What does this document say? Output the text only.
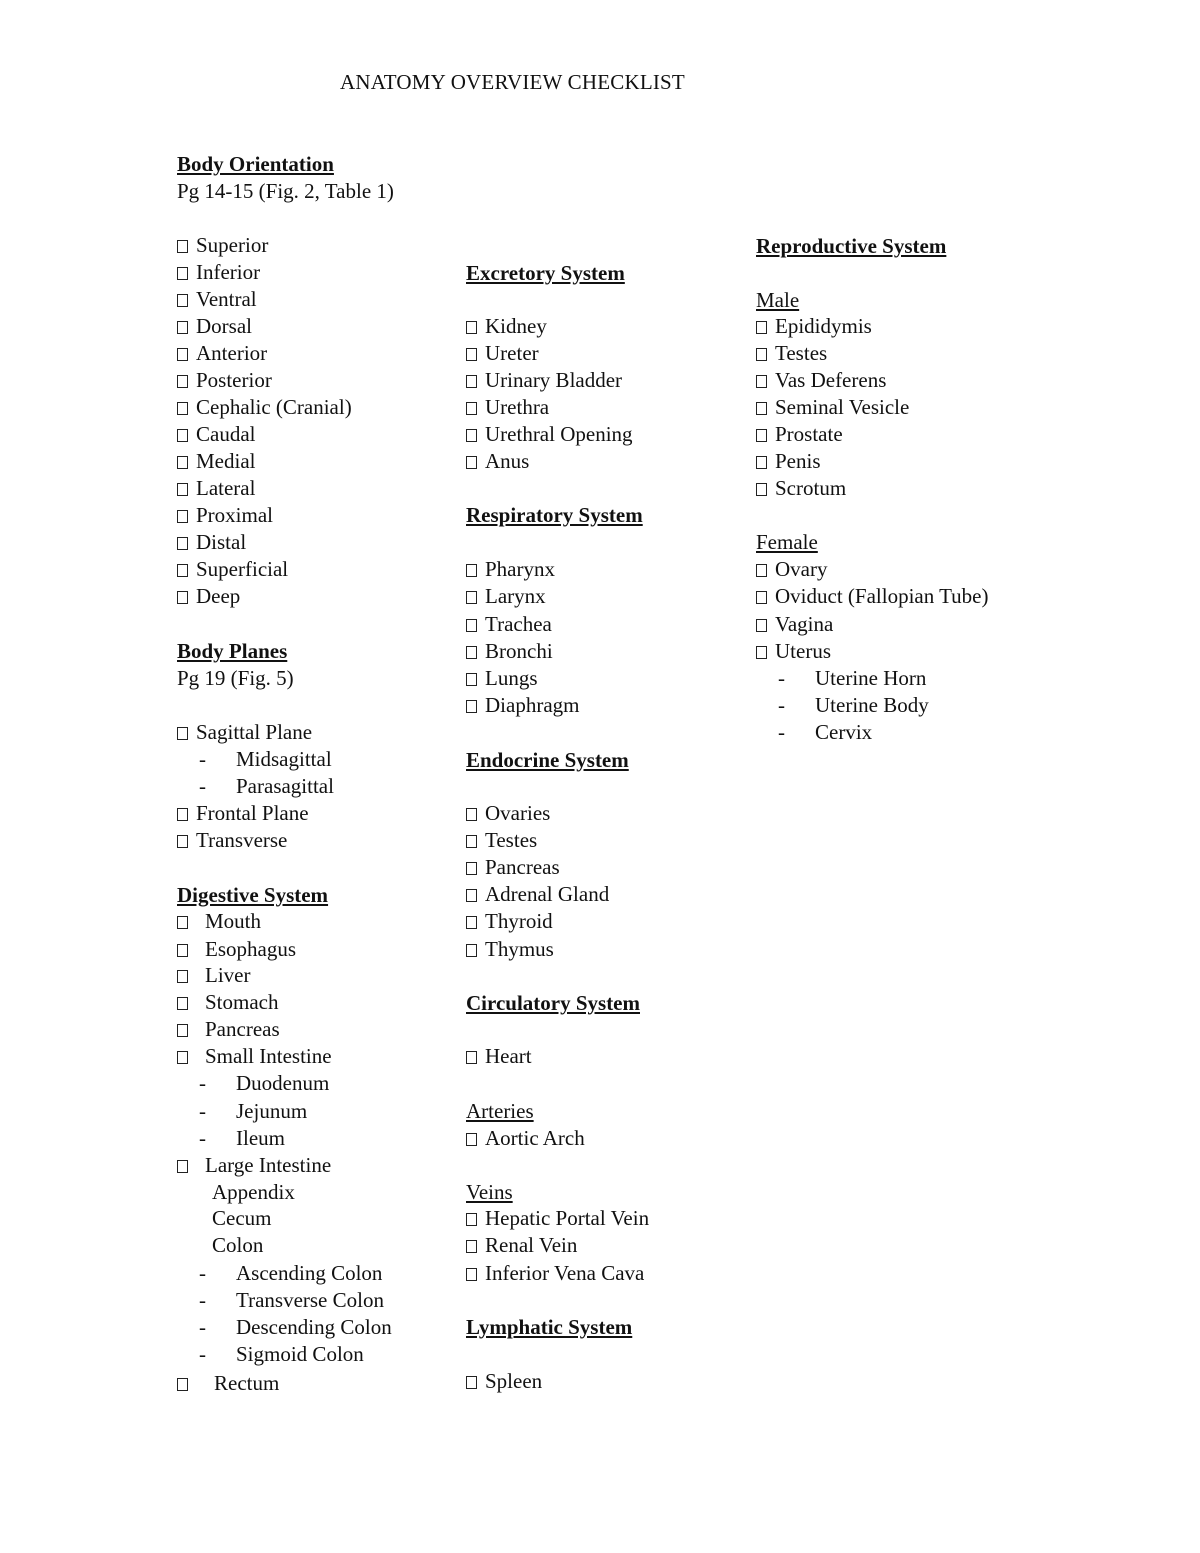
ANATOMY OVERVIEW CHECKLIST
Body Orientation
Pg 14-15 (Fig. 2, Table 1)
Superior
Inferior
Ventral
Dorsal
Anterior
Posterior
Cephalic (Cranial)
Caudal
Medial
Lateral
Proximal
Distal
Superficial
Deep
Body Planes
Pg 19 (Fig. 5)
Sagittal Plane
- Midsagittal
- Parasagittal
Frontal Plane
Transverse
Digestive System
Mouth
Esophagus
Liver
Stomach
Pancreas
Small Intestine
- Duodenum
- Jejunum
- Ileum
Large Intestine
Appendix
Cecum
Colon
- Ascending Colon
- Transverse Colon
- Descending Colon
- Sigmoid Colon
Rectum
Excretory System
Kidney
Ureter
Urinary Bladder
Urethra
Urethral Opening
Anus
Respiratory System
Pharynx
Larynx
Trachea
Bronchi
Lungs
Diaphragm
Endocrine System
Ovaries
Testes
Pancreas
Adrenal Gland
Thyroid
Thymus
Circulatory System
Heart
Arteries
Aortic Arch
Veins
Hepatic Portal Vein
Renal Vein
Inferior Vena Cava
Lymphatic System
Spleen
Reproductive System
Male
Epididymis
Testes
Vas Deferens
Seminal Vesicle
Prostate
Penis
Scrotum
Female
Ovary
Oviduct (Fallopian Tube)
Vagina
Uterus
- Uterine Horn
- Uterine Body
- Cervix
